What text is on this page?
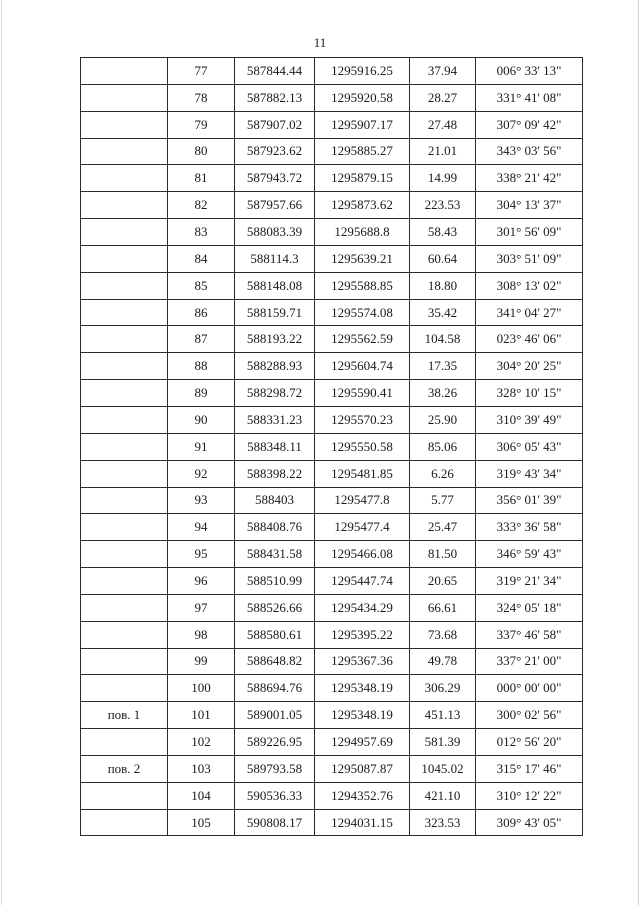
11
	77	587844.44	1295916.25	37.94	006° 33' 13"
	78	587882.13	1295920.58	28.27	331° 41' 08"
	79	587907.02	1295907.17	27.48	307° 09' 42"
	80	587923.62	1295885.27	21.01	343° 03' 56"
	81	587943.72	1295879.15	14.99	338° 21' 42"
	82	587957.66	1295873.62	223.53	304° 13' 37"
	83	588083.39	1295688.8	58.43	301° 56' 09"
	84	588114.3	1295639.21	60.64	303° 51' 09"
	85	588148.08	1295588.85	18.80	308° 13' 02"
	86	588159.71	1295574.08	35.42	341° 04' 27"
	87	588193.22	1295562.59	104.58	023° 46' 06"
	88	588288.93	1295604.74	17.35	304° 20' 25"
	89	588298.72	1295590.41	38.26	328° 10' 15"
	90	588331.23	1295570.23	25.90	310° 39' 49"
	91	588348.11	1295550.58	85.06	306° 05' 43"
	92	588398.22	1295481.85	6.26	319° 43' 34"
	93	588403	1295477.8	5.77	356° 01' 39"
	94	588408.76	1295477.4	25.47	333° 36' 58"
	95	588431.58	1295466.08	81.50	346° 59' 43"
	96	588510.99	1295447.74	20.65	319° 21' 34"
	97	588526.66	1295434.29	66.61	324° 05' 18"
	98	588580.61	1295395.22	73.68	337° 46' 58"
	99	588648.82	1295367.36	49.78	337° 21' 00"
	100	588694.76	1295348.19	306.29	000° 00' 00"
пов. 1	101	589001.05	1295348.19	451.13	300° 02' 56"
	102	589226.95	1294957.69	581.39	012° 56' 20"
пов. 2	103	589793.58	1295087.87	1045.02	315° 17' 46"
	104	590536.33	1294352.76	421.10	310° 12' 22"
	105	590808.17	1294031.15	323.53	309° 43' 05"
